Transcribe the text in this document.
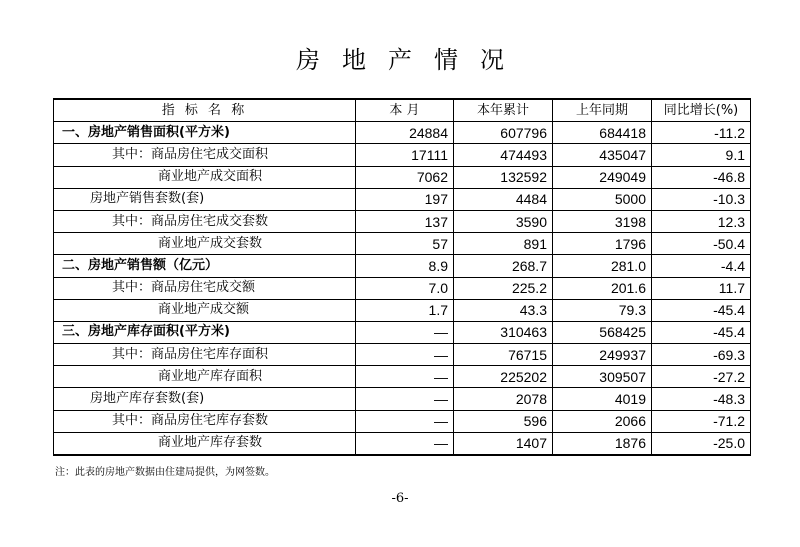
房地产情况
指 标 名 称	本 月	本年累计	上年同期	同比增长(%)
一、房地产销售面积(平方米)	24884	607796	684418	-11.2
其中：商品房住宅成交面积	17111	474493	435047	9.1
商业地产成交面积	7062	132592	249049	-46.8
房地产销售套数(套)	197	4484	5000	-10.3
其中：商品房住宅成交套数	137	3590	3198	12.3
商业地产成交套数	57	891	1796	-50.4
二、房地产销售额（亿元）	8.9	268.7	281.0	-4.4
其中：商品房住宅成交额	7.0	225.2	201.6	11.7
商业地产成交额	1.7	43.3	79.3	-45.4
三、房地产库存面积(平方米)	—	310463	568425	-45.4
其中：商品房住宅库存面积	—	76715	249937	-69.3
商业地产库存面积	—	225202	309507	-27.2
房地产库存套数(套)	—	2078	4019	-48.3
其中：商品房住宅库存套数	—	596	2066	-71.2
商业地产库存套数	—	1407	1876	-25.0
注：此表的房地产数据由住建局提供，为网签数。
-6-
